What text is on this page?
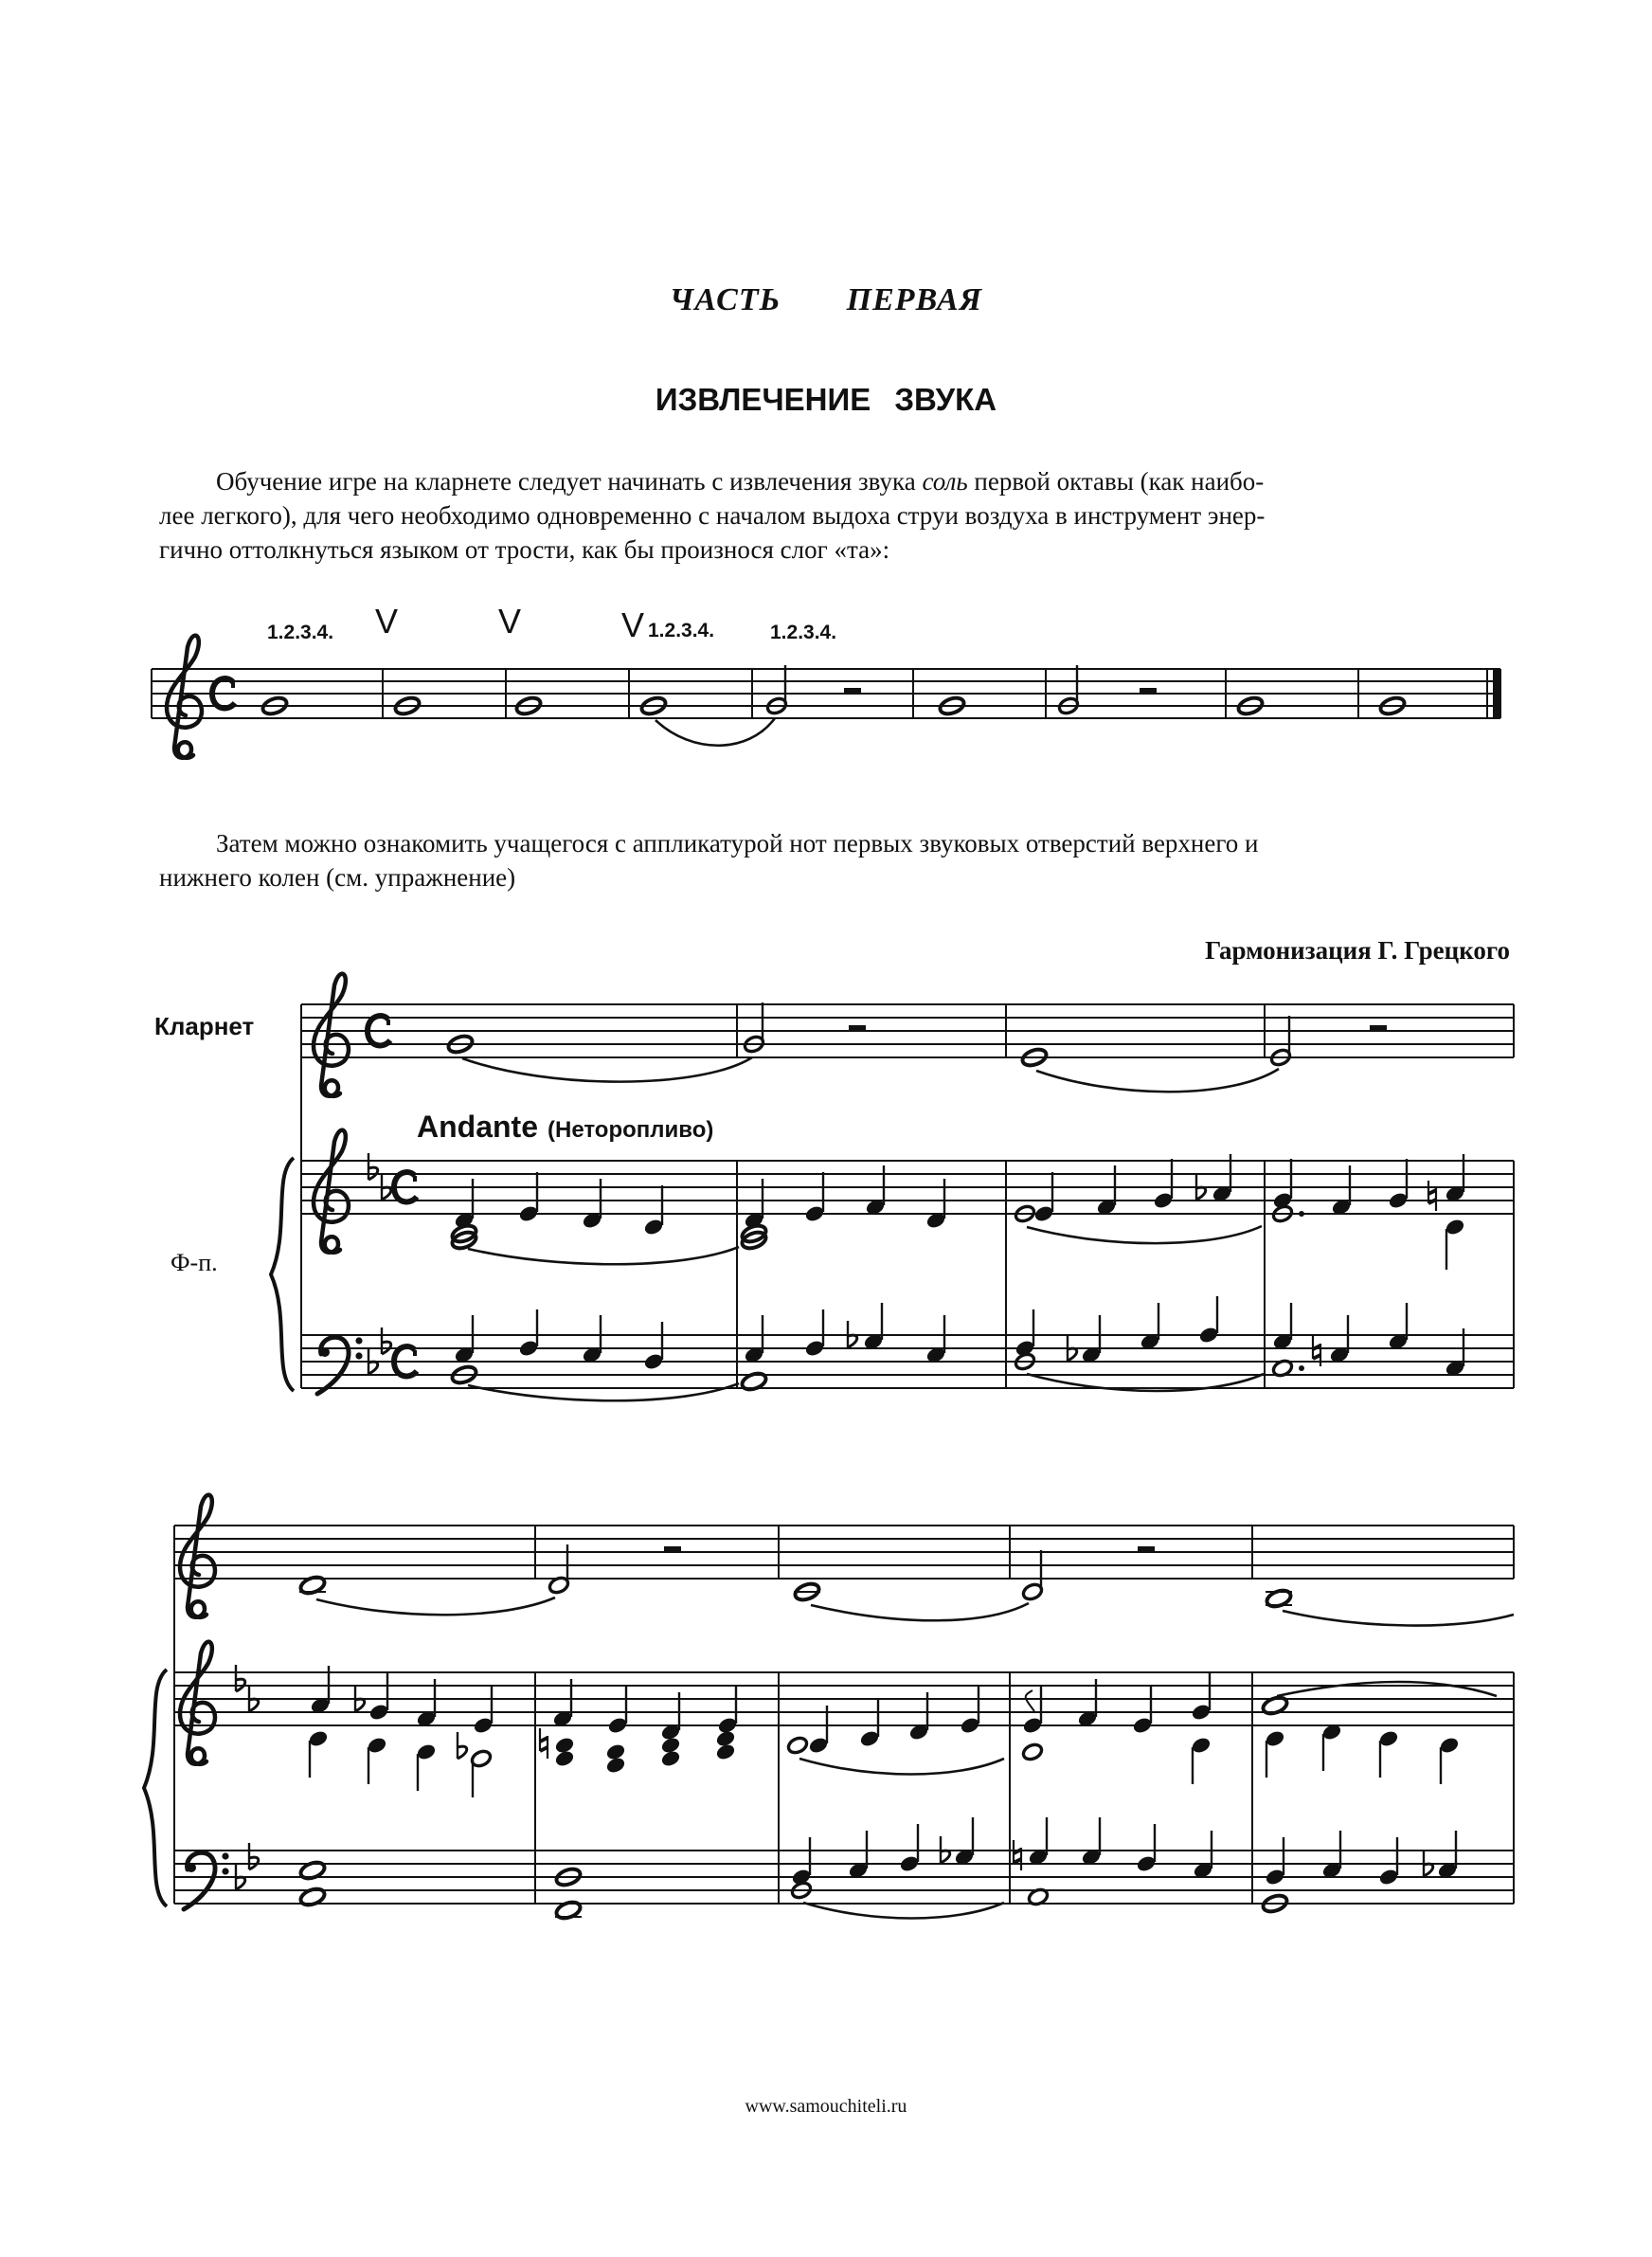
ЧАСТЬ ПЕРВАЯ
ИЗВЛЕЧЕНИЕ ЗВУКА
Обучение игре на кларнете следует начинать с извлечения звука соль первой октавы (как наибо-
лее легкого), для чего необходимо одновременно с началом выдоха струи воздуха в инструмент энер-
гично оттолкнуться языком от трости, как бы произнося слог «та»:
Затем можно ознакомить учащегося с аппликатурой нот первых звуковых отверстий верхнего и
нижнего колен (см. упражнение)
Гармонизация Г. Грецкого
Кларнет
Ф-п.
1.2.3.4. V	V	V 1.2.3.4.	1.2.3.4.
Andante (Неторопливо)
www.samouchiteli.ru
